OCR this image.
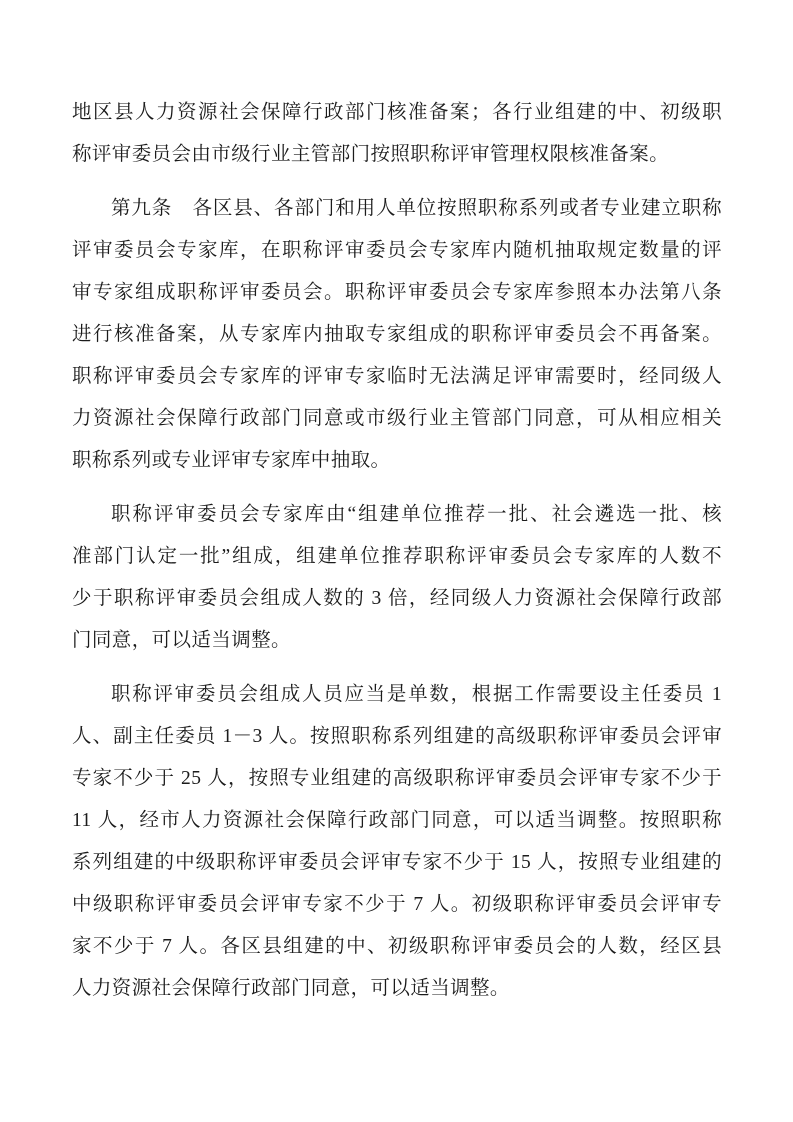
地区县人力资源社会保障行政部门核准备案；各行业组建的中、初级职
称评审委员会由市级行业主管部门按照职称评审管理权限核准备案。
第九条　各区县、各部门和用人单位按照职称系列或者专业建立职称
评审委员会专家库，在职称评审委员会专家库内随机抽取规定数量的评
审专家组成职称评审委员会。职称评审委员会专家库参照本办法第八条
进行核准备案，从专家库内抽取专家组成的职称评审委员会不再备案。
职称评审委员会专家库的评审专家临时无法满足评审需要时，经同级人
力资源社会保障行政部门同意或市级行业主管部门同意，可从相应相关
职称系列或专业评审专家库中抽取。
职称评审委员会专家库由“组建单位推荐一批、社会遴选一批、核
准部门认定一批”组成，组建单位推荐职称评审委员会专家库的人数不
少于职称评审委员会组成人数的 3 倍，经同级人力资源社会保障行政部
门同意，可以适当调整。
职称评审委员会组成人员应当是单数，根据工作需要设主任委员 1
人、副主任委员 1－3 人。按照职称系列组建的高级职称评审委员会评审
专家不少于 25 人，按照专业组建的高级职称评审委员会评审专家不少于
11 人，经市人力资源社会保障行政部门同意，可以适当调整。按照职称
系列组建的中级职称评审委员会评审专家不少于 15 人，按照专业组建的
中级职称评审委员会评审专家不少于 7 人。初级职称评审委员会评审专
家不少于 7 人。各区县组建的中、初级职称评审委员会的人数，经区县
人力资源社会保障行政部门同意，可以适当调整。
